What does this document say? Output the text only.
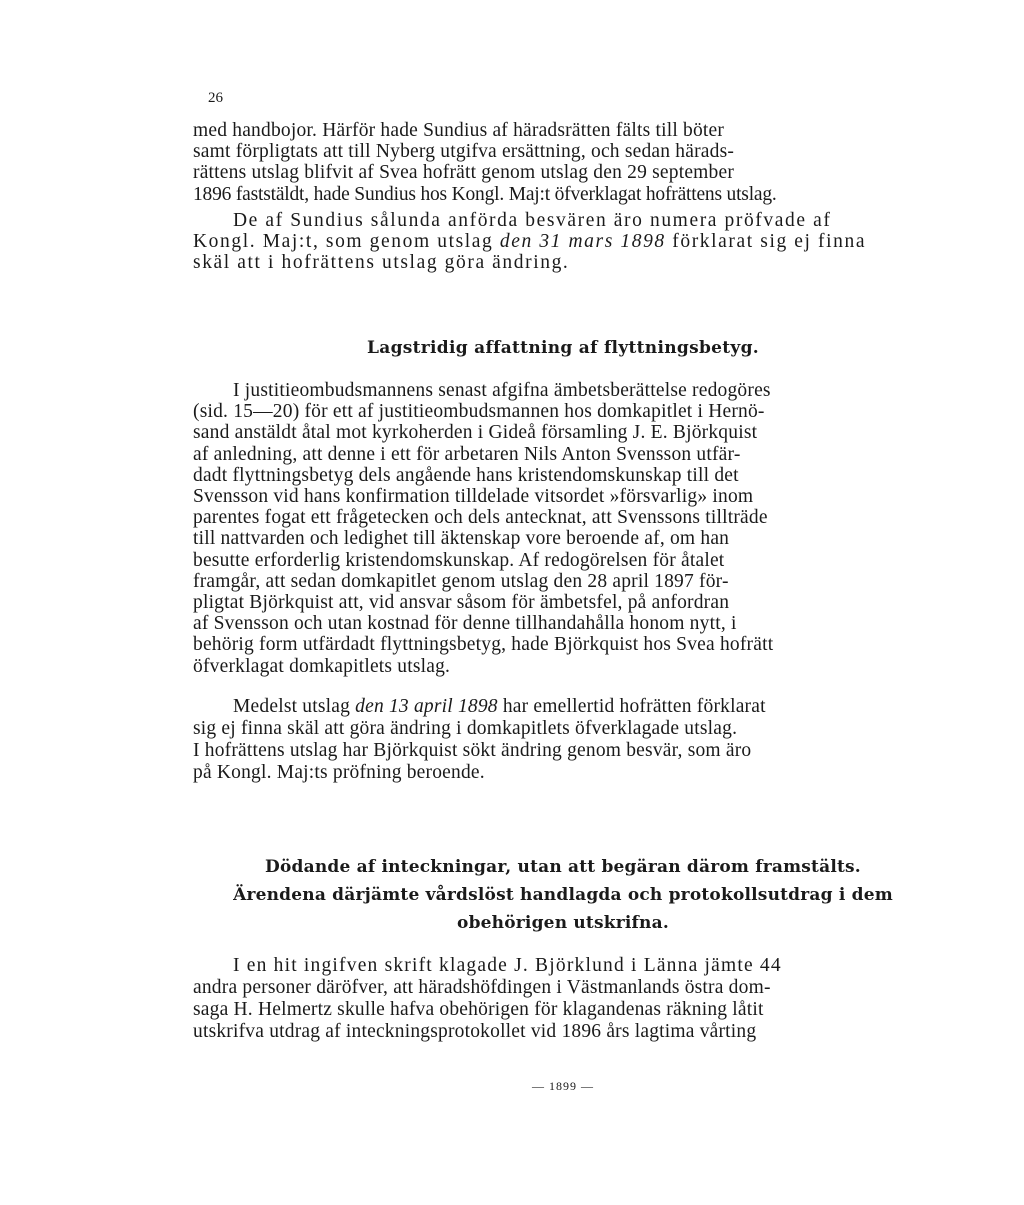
26
med handbojor. Härför hade Sundius af häradsrätten fälts till böter
samt förpligtats att till Nyberg utgifva ersättning, och sedan härads-
rättens utslag blifvit af Svea hofrätt genom utslag den 29 september
1896 faststäldt, hade Sundius hos Kongl. Maj:t öfverklagat hofrättens utslag.
De af Sundius sålunda anförda besvären äro numera pröfvade af
Kongl. Maj:t, som genom utslag den 31 mars 1898 förklarat sig ej finna
skäl att i hofrättens utslag göra ändring.
Lagstridig affattning af flyttningsbetyg.
I justitieombudsmannens senast afgifna ämbetsberättelse redogöres
(sid. 15—20) för ett af justitieombudsmannen hos domkapitlet i Hernö-
sand anstäldt åtal mot kyrkoherden i Gideå församling J. E. Björkquist
af anledning, att denne i ett för arbetaren Nils Anton Svensson utfär-
dadt flyttningsbetyg dels angående hans kristendomskunskap till det
Svensson vid hans konfirmation tilldelade vitsordet »försvarlig» inom
parentes fogat ett frågetecken och dels antecknat, att Svenssons tillträde
till nattvarden och ledighet till äktenskap vore beroende af, om han
besutte erforderlig kristendomskunskap. Af redogörelsen för åtalet
framgår, att sedan domkapitlet genom utslag den 28 april 1897 för-
pligtat Björkquist att, vid ansvar såsom för ämbetsfel, på anfordran
af Svensson och utan kostnad för denne tillhandahålla honom nytt, i
behörig form utfärdadt flyttningsbetyg, hade Björkquist hos Svea hofrätt
öfverklagat domkapitlets utslag.
Medelst utslag den 13 april 1898 har emellertid hofrätten förklarat
sig ej finna skäl att göra ändring i domkapitlets öfverklagade utslag.
I hofrättens utslag har Björkquist sökt ändring genom besvär, som äro
på Kongl. Maj:ts pröfning beroende.
Dödande af inteckningar, utan att begäran därom framstälts.
Ärendena därjämte vårdslöst handlagda och protokollsutdrag i dem
obehörigen utskrifna.
I en hit ingifven skrift klagade J. Björklund i Länna jämte 44
andra personer däröfver, att häradshöfdingen i Västmanlands östra dom-
saga H. Helmertz skulle hafva obehörigen för klagandenas räkning låtit
utskrifva utdrag af inteckningsprotokollet vid 1896 års lagtima vårting
— 1899 —
